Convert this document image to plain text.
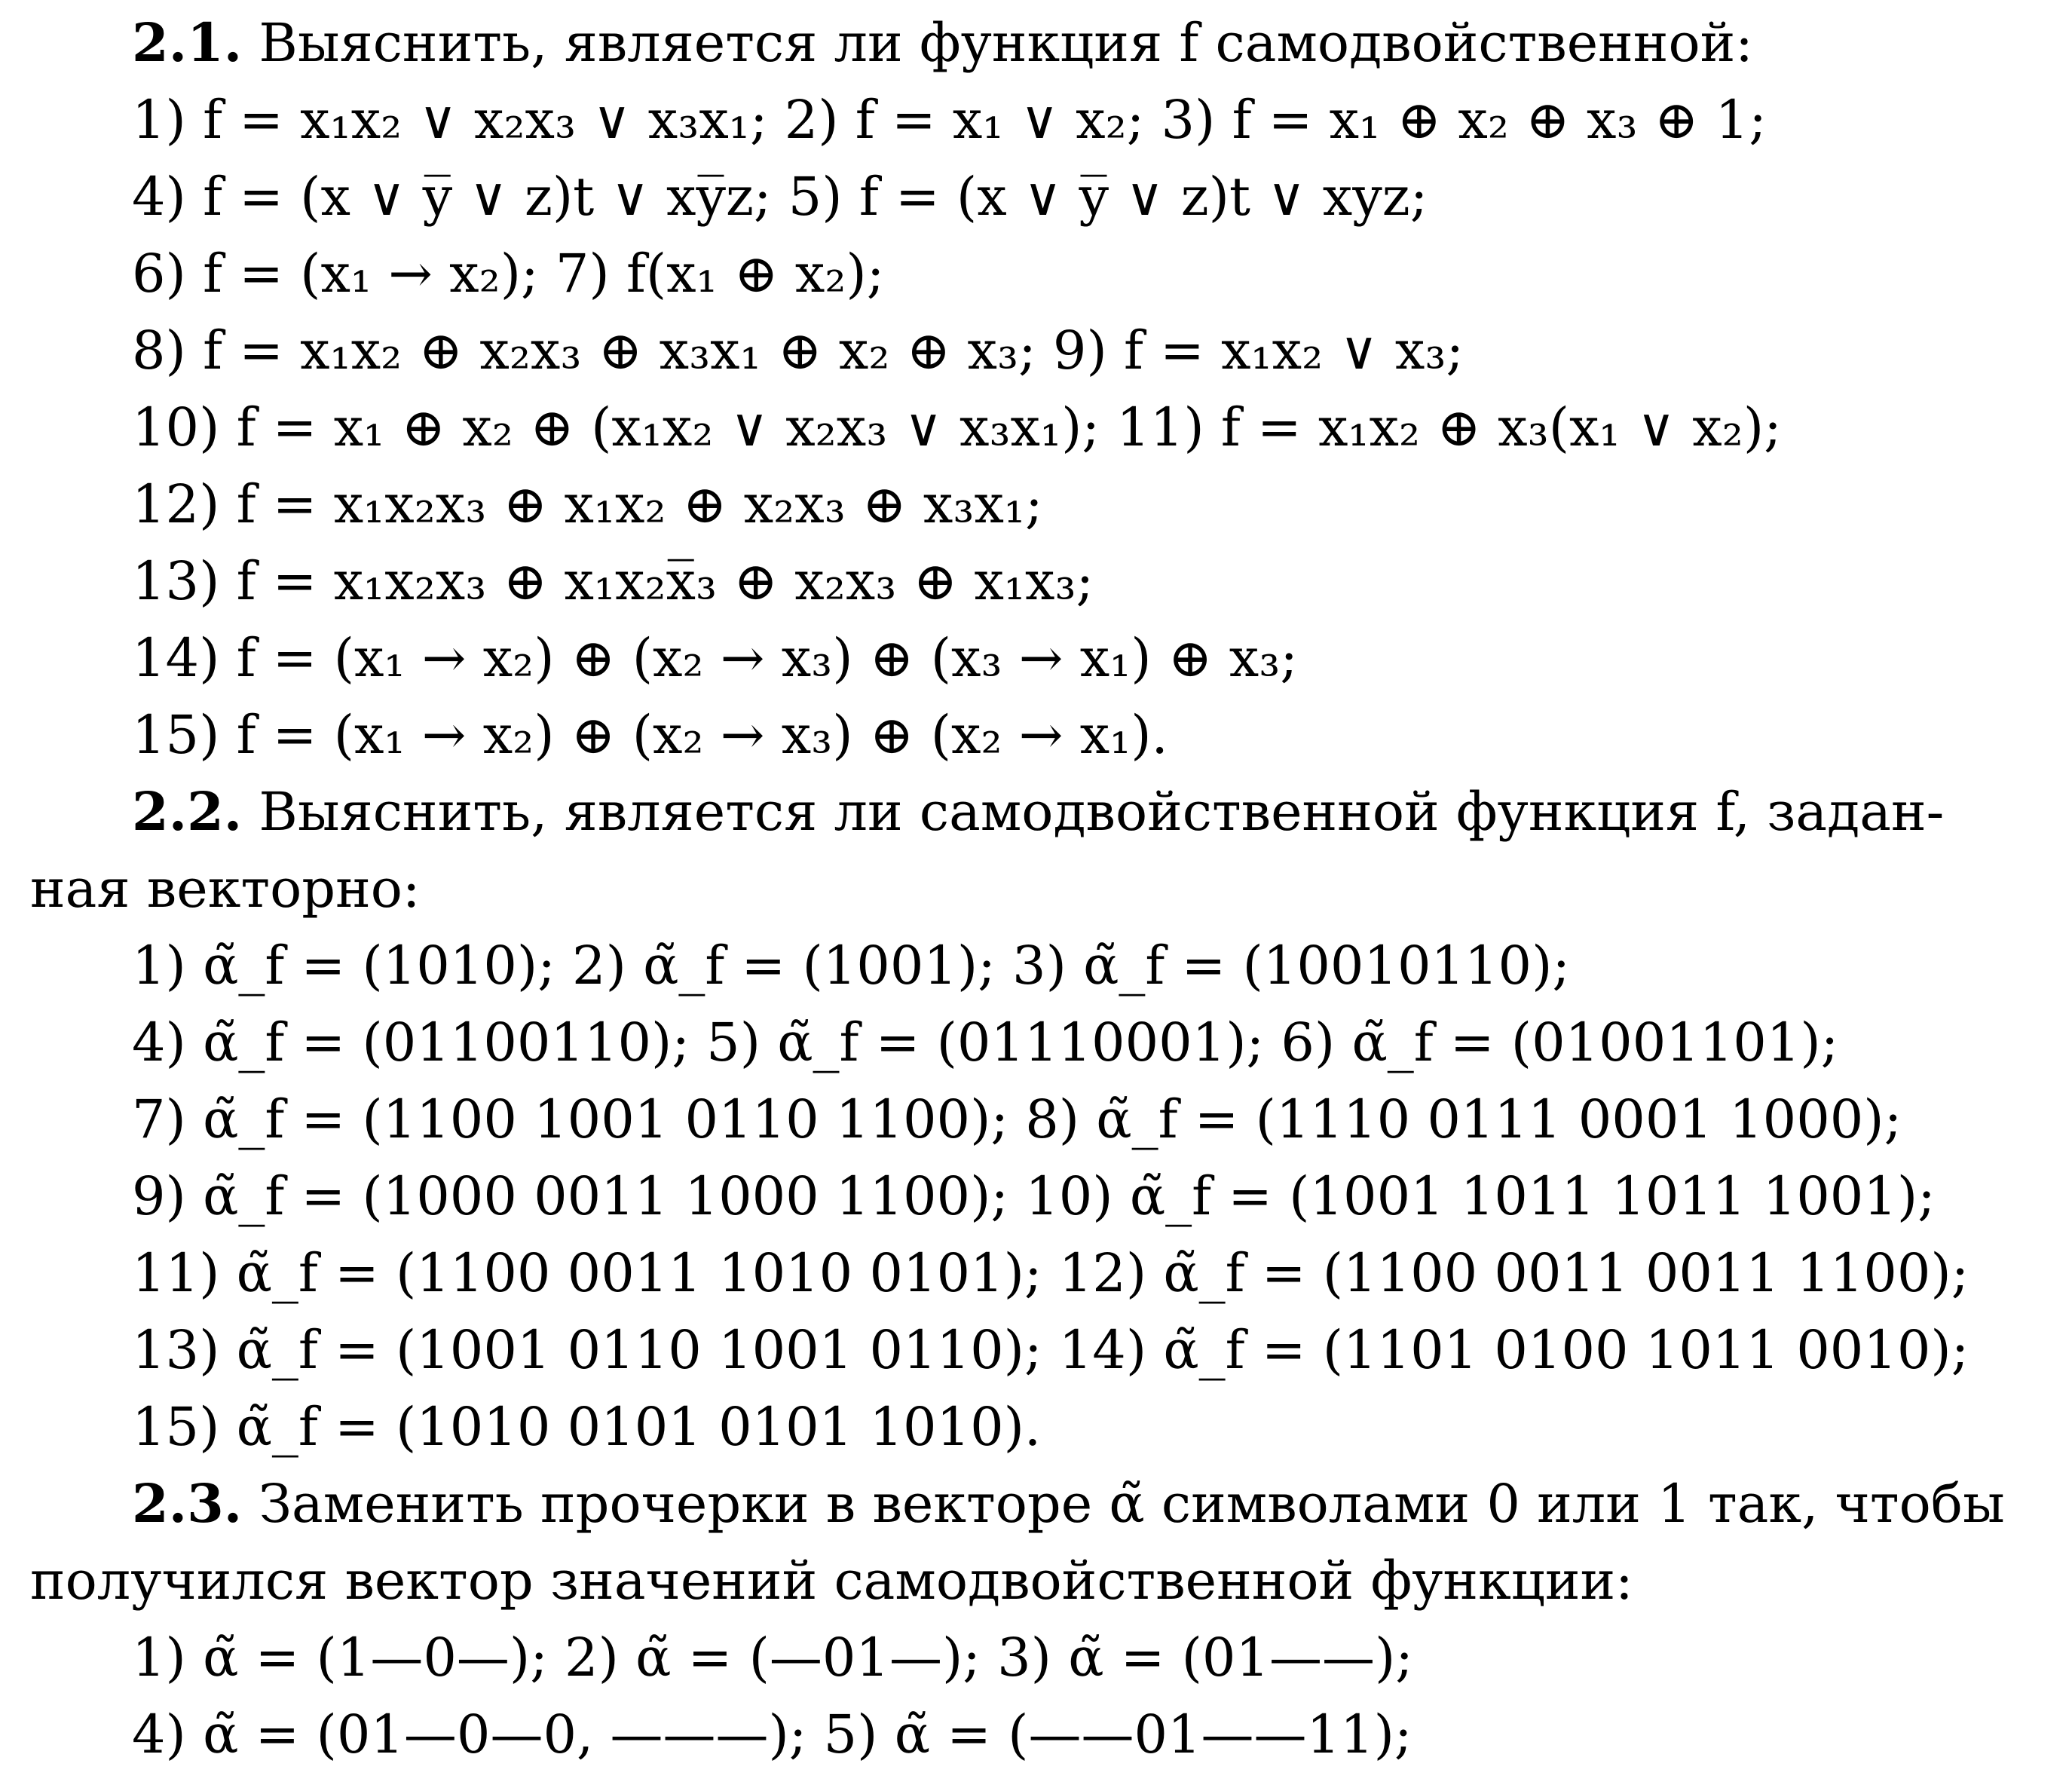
2.1. Выяснить, является ли функция f самодвойственной:
1) f = x₁x₂ ∨ x₂x₃ ∨ x₃x₁; 2) f = x₁ ∨ x₂; 3) f = x₁ ⊕ x₂ ⊕ x₃ ⊕ 1;
4) f = (x ∨ y̅ ∨ z)t ∨ xy̅z; 5) f = (x ∨ y̅ ∨ z)t ∨ xyz;
6) f = (x₁ → x₂); 7) f(x₁ ⊕ x₂);
8) f = x₁x₂ ⊕ x₂x₃ ⊕ x₃x₁ ⊕ x₂ ⊕ x₃; 9) f = x₁x₂ ∨ x₃;
10) f = x₁ ⊕ x₂ ⊕ (x₁x₂ ∨ x₂x₃ ∨ x₃x₁); 11) f = x₁x₂ ⊕ x₃(x₁ ∨ x₂);
12) f = x₁x₂x₃ ⊕ x₁x₂ ⊕ x₂x₃ ⊕ x₃x₁;
13) f = x₁x₂x₃ ⊕ x₁x₂x̅₃ ⊕ x₂x₃ ⊕ x₁x₃;
14) f = (x₁ → x₂) ⊕ (x₂ → x₃) ⊕ (x₃ → x₁) ⊕ x₃;
15) f = (x₁ → x₂) ⊕ (x₂ → x₃) ⊕ (x₂ → x₁).
2.2. Выяснить, является ли самодвойственной функция f, задан-
ная векторно:
1) α̃_f = (1010); 2) α̃_f = (1001); 3) α̃_f = (10010110);
4) α̃_f = (01100110); 5) α̃_f = (01110001); 6) α̃_f = (01001101);
7) α̃_f = (1100 1001 0110 1100); 8) α̃_f = (1110 0111 0001 1000);
9) α̃_f = (1000 0011 1000 1100); 10) α̃_f = (1001 1011 1011 1001);
11) α̃_f = (1100 0011 1010 0101); 12) α̃_f = (1100 0011 0011 1100);
13) α̃_f = (1001 0110 1001 0110); 14) α̃_f = (1101 0100 1011 0010);
15) α̃_f = (1010 0101 0101 1010).
2.3. Заменить прочерки в векторе α̃ символами 0 или 1 так, чтобы
получился вектор значений самодвойственной функции:
1) α̃ = (1—0—); 2) α̃ = (—01—); 3) α̃ = (01——);
4) α̃ = (01—0—0, ———); 5) α̃ = (——01——11);
